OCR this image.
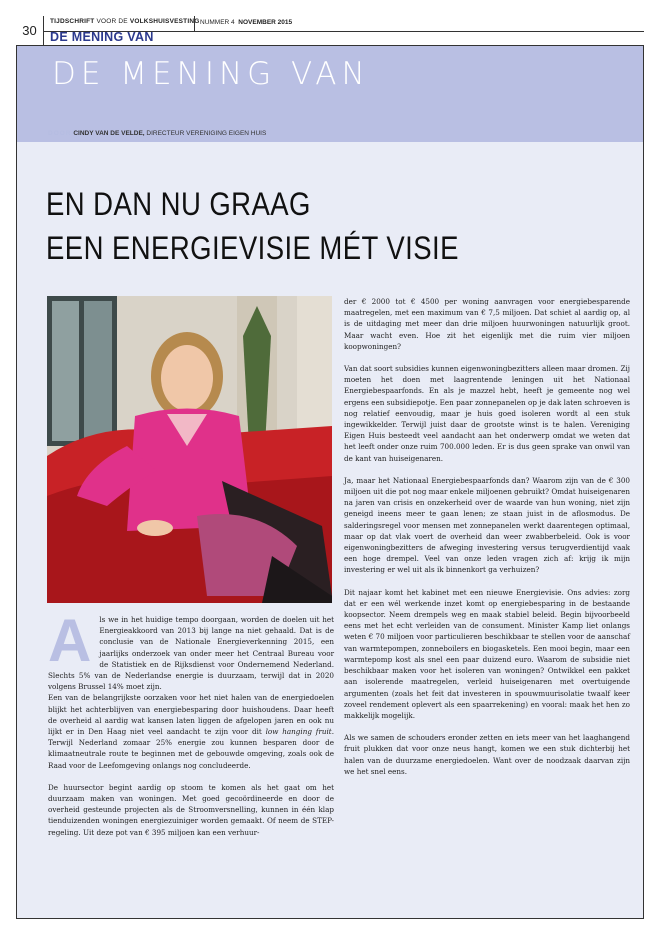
30
TIJDSCHRIFT VOOR DE VOLKSHUISVESTING NUMMER 4 NOVEMBER 2015
DE MENING VAN
DE MENING VAN
DOOR CINDY VAN DE VELDE, DIRECTEUR VERENIGING EIGEN HUIS
EN DAN NU GRAAG
EEN ENERGIEVISIE MÉT VISIE

A ls we in het huidige tempo doorgaan, worden de doelen uit het Energieakkoord van 2013 bij lange na niet gehaald. Dat is de conclusie van de Nationale Energieverkenning 2015, een jaarlijks onderzoek van onder meer het Centraal Bureau voor de Statistiek en de Rijksdienst voor Ondernemend Nederland. Slechts 5% van de Nederlandse energie is duurzaam, terwijl dat in 2020 volgens Brussel 14% moet zijn.

Een van de belangrijkste oorzaken voor het niet halen van de energiedoelen blijkt het achterblijven van energiebesparing door huishoudens. Daar heeft de overheid al aardig wat kansen laten liggen de afgelopen jaren en ook nu lijkt er in Den Haag niet veel aandacht te zijn voor dit low hanging fruit. Terwijl Nederland zomaar 25% energie zou kunnen besparen door de klimaatneutrale route te beginnen met de gebouwde omgeving, zoals ook de Raad voor de Leefomgeving onlangs nog concludeerde.

De huursector begint aardig op stoom te komen als het gaat om het duurzaam maken van woningen. Met goed gecoördineerde en door de overheid gesteunde projecten als de Stroomversnelling, kunnen in één klap tienduizenden woningen energiezuiniger worden gemaakt. Of neem de STEP-regeling. Uit deze pot van € 395 miljoen kan een verhuur-

der € 2000 tot € 4500 per woning aanvragen voor energiebesparende maatregelen, met een maximum van € 7,5 miljoen. Dat schiet al aardig op, al is de uitdaging met meer dan drie miljoen huurwoningen natuurlijk groot. Maar wacht even. Hoe zit het eigenlijk met die ruim vier miljoen koopwoningen?

Van dat soort subsidies kunnen eigenwoningbezitters alleen maar dromen. Zij moeten het doen met laagrentende leningen uit het Nationaal Energiebespaarfonds. En als je mazzel hebt, heeft je gemeente nog wel ergens een subsidiepotje. Een paar zonnepanelen op je dak laten schroeven is nog relatief eenvoudig, maar je huis goed isoleren wordt al een stuk ingewikkelder. Terwijl juist daar de grootste winst is te halen. Vereniging Eigen Huis besteedt veel aandacht aan het onderwerp omdat we weten dat het leeft onder onze ruim 700.000 leden. Er is dus geen sprake van onwil van de kant van huiseigenaren.

Ja, maar het Nationaal Energiebespaarfonds dan? Waarom zijn van de € 300 miljoen uit die pot nog maar enkele miljoenen gebruikt? Omdat huiseigenaren na jaren van crisis en onzekerheid over de waarde van hun woning, niet zijn geneigd ineens meer te gaan lenen; ze staan juist in de aflosmodus. De salderingsregel voor mensen met zonnepanelen werkt daarentegen optimaal, maar op dat vlak voert de overheid dan weer zwabberbeleid. Ook is voor eigenwoningbezitters de afweging investering versus terugverdientijd vaak een hoge drempel. Veel van onze leden vragen zich af: krijg ik mijn investering er wel uit als ik binnenkort ga verhuizen?

Dit najaar komt het kabinet met een nieuwe Energievisie. Ons advies: zorg dat er een wél werkende inzet komt op energiebesparing in de bestaande koopsector. Neem drempels weg en maak stabiel beleid. Begin bijvoorbeeld eens met het echt verleiden van de consument. Minister Kamp liet onlangs weten € 70 miljoen voor particulieren beschikbaar te stellen voor de aanschaf van warmtepompen, zonneboilers en biogasketels. Een mooi begin, maar een warmtepomp kost als snel een paar duizend euro. Waarom de subsidie niet beschikbaar maken voor het isoleren van woningen? Ontwikkel een pakket aan isolerende maatregelen, verleid huiseigenaren met overtuigende argumenten (zoals het feit dat investeren in spouwmuurisolatie twaalf keer zoveel rendement oplevert als een spaarrekening) en vooral: maak het hen zo makkelijk mogelijk.

Als we samen de schouders eronder zetten en iets meer van het laaghangend fruit plukken dat voor onze neus hangt, komen we een stuk dichterbij het halen van de duurzame energiedoelen. Want over de noodzaak daarvan zijn we het snel eens.
